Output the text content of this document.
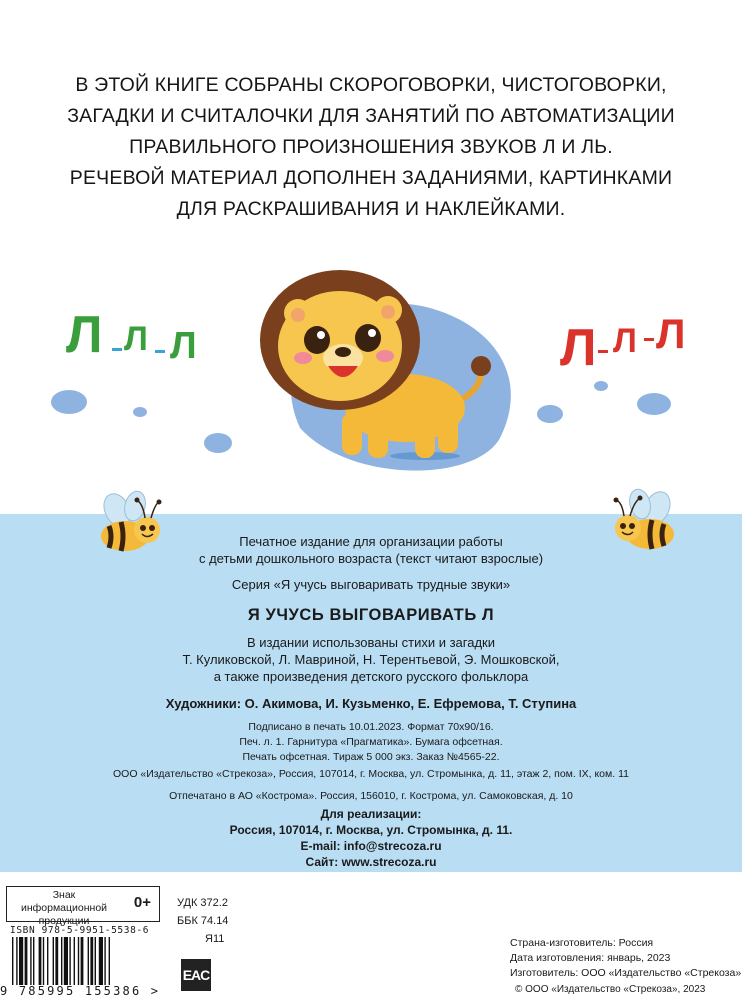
В ЭТОЙ КНИГЕ СОБРАНЫ СКОРОГОВОРКИ, ЧИСТОГОВОРКИ,
ЗАГАДКИ И СЧИТАЛОЧКИ ДЛЯ ЗАНЯТИЙ ПО АВТОМАТИЗАЦИИ
ПРАВИЛЬНОГО ПРОИЗНОШЕНИЯ ЗВУКОВ Л И ЛЬ.
РЕЧЕВОЙ МАТЕРИАЛ ДОПОЛНЕН ЗАДАНИЯМИ, КАРТИНКАМИ
ДЛЯ РАСКРАШИВАНИЯ И НАКЛЕЙКАМИ.
Л Л Л	Л Л Л
Печатное издание для организации работы
с детьми дошкольного возраста (текст читают взрослые)
Серия «Я учусь выговаривать трудные звуки»
Я УЧУСЬ ВЫГОВАРИВАТЬ Л
В издании использованы стихи и загадки
Т. Куликовской, Л. Мавриной, Н. Терентьевой, Э. Мошковской,
а также произведения детского русского фольклора
Художники: О. Акимова, И. Кузьменко, Е. Ефремова, Т. Ступина
Подписано в печать 10.01.2023. Формат 70х90/16.
Печ. л. 1. Гарнитура «Прагматика». Бумага офсетная.
Печать офсетная. Тираж 5 000 экз. Заказ №4565-22.
ООО «Издательство «Стрекоза», Россия, 107014, г. Москва, ул. Стромынка, д. 11, этаж 2, пом. IX, ком. 11
Отпечатано в АО «Кострома». Россия, 156010, г. Кострома, ул. Самоковская, д. 10
Для реализации:
Россия, 107014, г. Москва, ул. Стромынка, д. 11.
E-mail: info@strecoza.ru
Сайт: www.strecoza.ru
Знак информационной продукции
0+
ISBN 978-5-9951-5538-6
9 785995 155386 >
УДК 372.2
ББК 74.14
Я11
EAC
Страна-изготовитель: Россия
Дата изготовления: январь, 2023
Изготовитель: ООО «Издательство «Стрекоза»
© ООО «Издательство «Стрекоза», 2023
